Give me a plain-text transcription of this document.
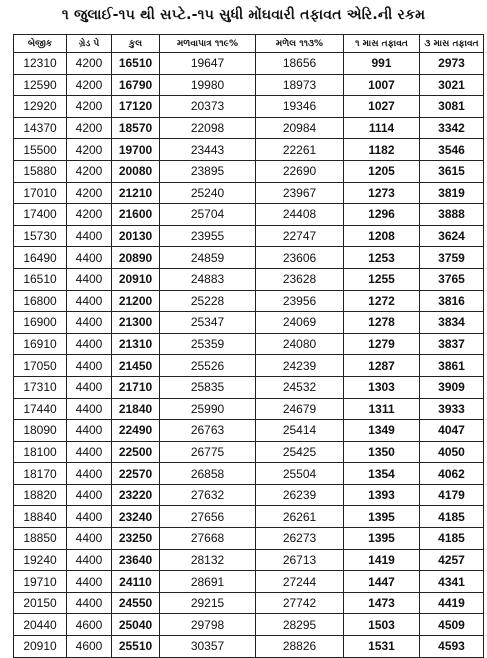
૧ જુલાઈ-૧૫ થી સપ્ટે.-૧૫ સુધી મોંઘવારી તફાવત એરિ.ની રકમ
બેજીક	ગ્રેડ પે	કુલ	મળવાપાત્ર ૧૧૯%	મળેલ ૧૧૩%	૧ માસ તફાવત	૩ માસ તફાવત
12310	4200	16510	19647	18656	991	2973
12590	4200	16790	19980	18973	1007	3021
12920	4200	17120	20373	19346	1027	3081
14370	4200	18570	22098	20984	1114	3342
15500	4200	19700	23443	22261	1182	3546
15880	4200	20080	23895	22690	1205	3615
17010	4200	21210	25240	23967	1273	3819
17400	4200	21600	25704	24408	1296	3888
15730	4400	20130	23955	22747	1208	3624
16490	4400	20890	24859	23606	1253	3759
16510	4400	20910	24883	23628	1255	3765
16800	4400	21200	25228	23956	1272	3816
16900	4400	21300	25347	24069	1278	3834
16910	4400	21310	25359	24080	1279	3837
17050	4400	21450	25526	24239	1287	3861
17310	4400	21710	25835	24532	1303	3909
17440	4400	21840	25990	24679	1311	3933
18090	4400	22490	26763	25414	1349	4047
18100	4400	22500	26775	25425	1350	4050
18170	4400	22570	26858	25504	1354	4062
18820	4400	23220	27632	26239	1393	4179
18840	4400	23240	27656	26261	1395	4185
18850	4400	23250	27668	26273	1395	4185
19240	4400	23640	28132	26713	1419	4257
19710	4400	24110	28691	27244	1447	4341
20150	4400	24550	29215	27742	1473	4419
20440	4600	25040	29798	28295	1503	4509
20910	4600	25510	30357	28826	1531	4593
